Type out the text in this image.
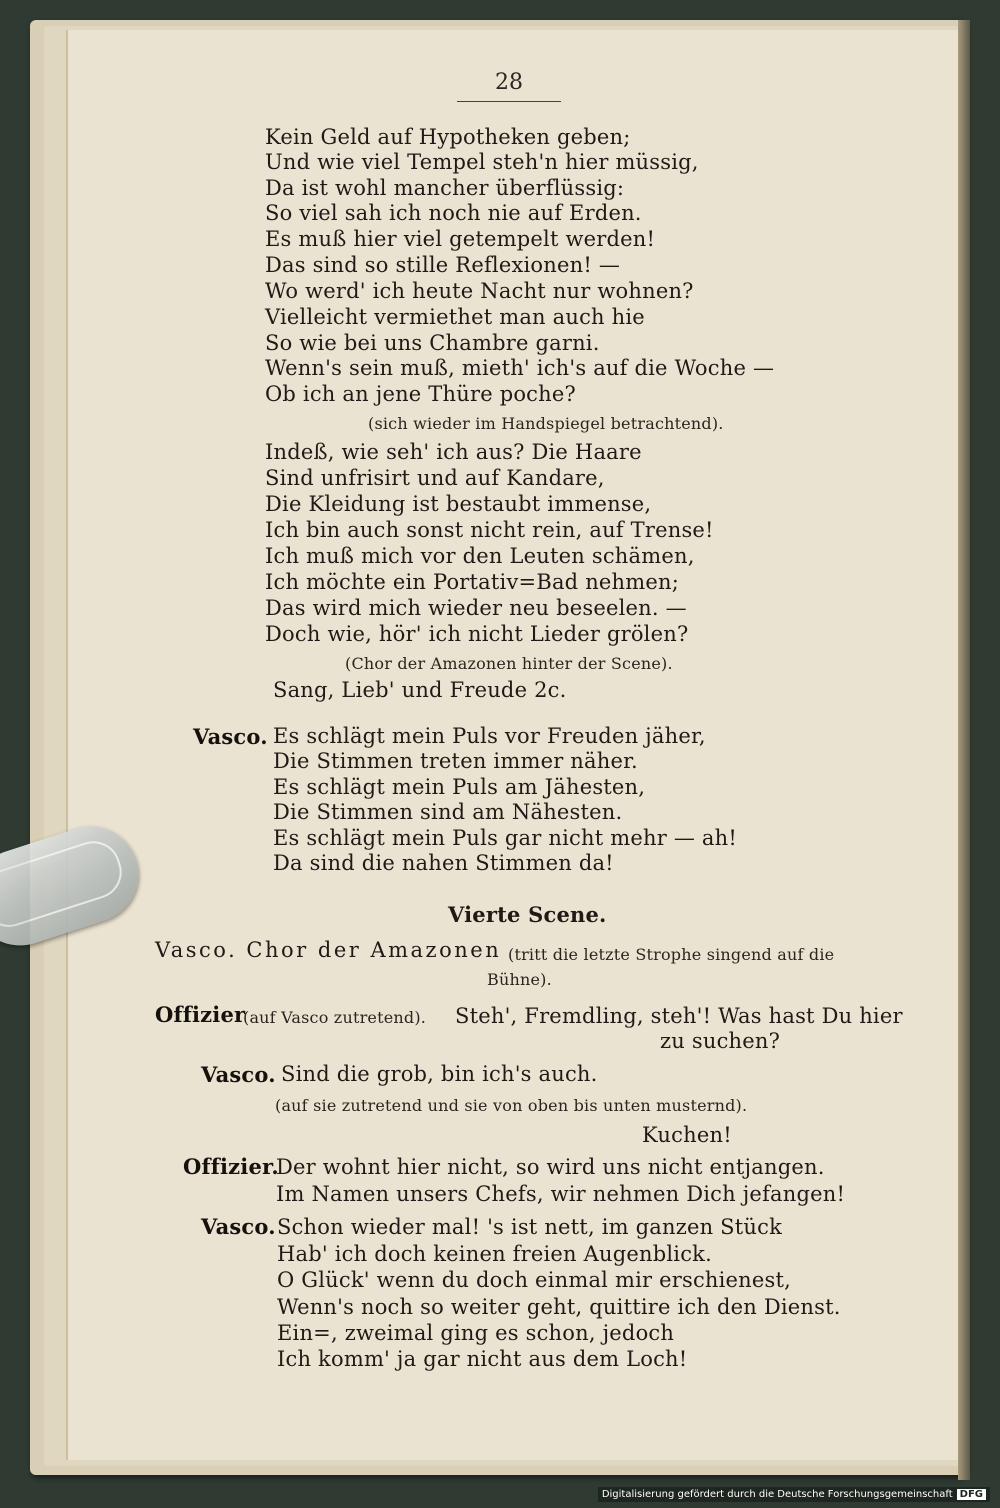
28
Kein Geld auf Hypotheken geben;
Und wie viel Tempel steh'n hier müssig,
Da ist wohl mancher überflüssig:
So viel sah ich noch nie auf Erden.
Es muß hier viel getempelt werden!
Das sind so stille Reflexionen! —
Wo werd' ich heute Nacht nur wohnen?
Vielleicht vermiethet man auch hie
So wie bei uns Chambre garni.
Wenn's sein muß, mieth' ich's auf die Woche —
Ob ich an jene Thüre poche?
(sich wieder im Handspiegel betrachtend).
Indeß, wie seh' ich aus? Die Haare
Sind unfrisirt und auf Kandare,
Die Kleidung ist bestaubt immense,
Ich bin auch sonst nicht rein, auf Trense!
Ich muß mich vor den Leuten schämen,
Ich möchte ein Portativ=Bad nehmen;
Das wird mich wieder neu beseelen. —
Doch wie, hör' ich nicht Lieder grölen?
(Chor der Amazonen hinter der Scene).
Sang, Lieb' und Freude 2c.
Vasco. Es schlägt mein Puls vor Freuden jäher,
Die Stimmen treten immer näher.
Es schlägt mein Puls am Jähesten,
Die Stimmen sind am Nähesten.
Es schlägt mein Puls gar nicht mehr — ah!
Da sind die nahen Stimmen da!
Vierte Scene.
Vasco. Chor der Amazonen (tritt die letzte Strophe singend auf die
Bühne).
Offizier
(auf Vasco zutretend). Steh', Fremdling, steh'! Was hast Du hier
zu suchen?
Vasco. Sind die grob, bin ich's auch.
(auf sie zutretend und sie von oben bis unten musternd).
Kuchen!
Offizier.
Der wohnt hier nicht, so wird uns nicht entjangen.
Im Namen unsers Chefs, wir nehmen Dich jefangen!
Vasco. Schon wieder mal! 's ist nett, im ganzen Stück
Hab' ich doch keinen freien Augenblick.
O Glück' wenn du doch einmal mir erschienest,
Wenn's noch so weiter geht, quittire ich den Dienst.
Ein=, zweimal ging es schon, jedoch
Ich komm' ja gar nicht aus dem Loch!
Digitalisierung gefördert durch die Deutsche Forschungsgemeinschaft DFG
